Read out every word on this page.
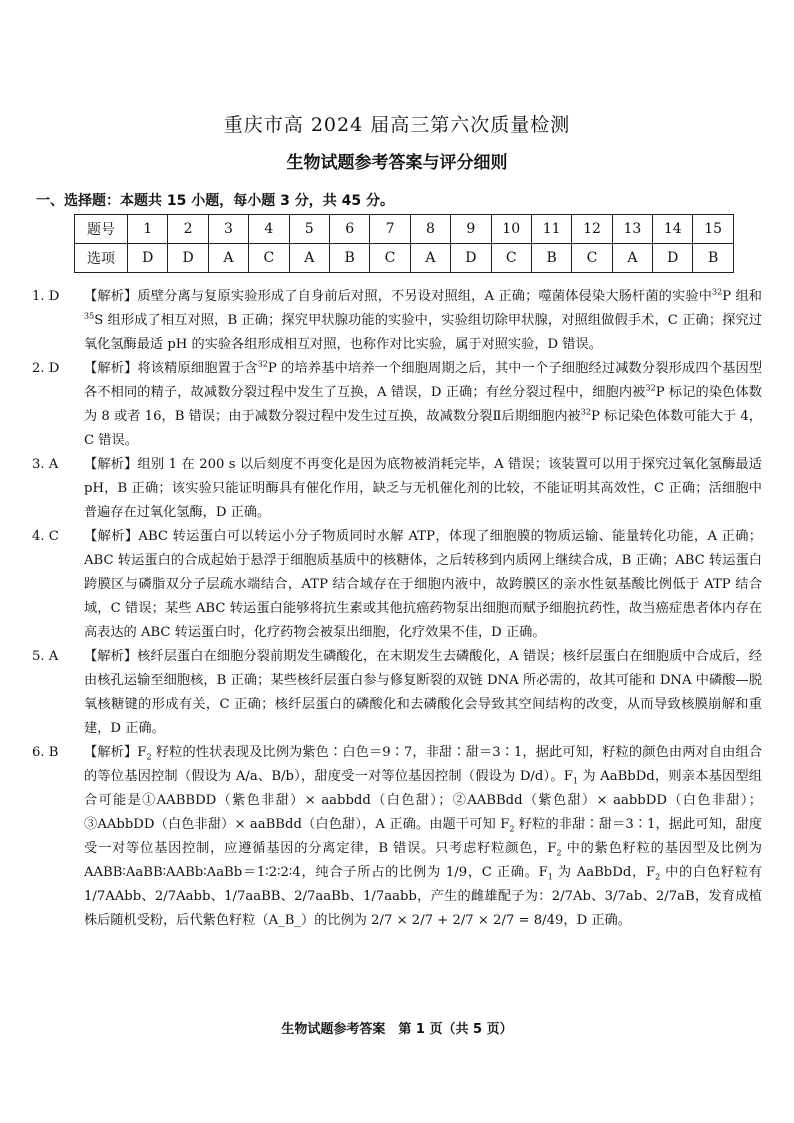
重庆市高 2024 届高三第六次质量检测
生物试题参考答案与评分细则
一、选择题：本题共 15 小题，每小题 3 分，共 45 分。
题号	1	2	3	4	5	6	7	8	9	10	11	12	13	14	15
选项	D	D	A	C	A	B	C	A	D	C	B	C	A	D	B
1. D	【解析】质壁分离与复原实验形成了自身前后对照，不另设对照组，A 正确；噬菌体侵染大肠杆菌的实验中$^{32}$P 组和$^{35}$S 组形成了相互对照，B 正确；探究甲状腺功能的实验中，实验组切除甲状腺，对照组做假手术，C 正确；探究过氧化氢酶最适 pH 的实验各组形成相互对照，也称作对比实验，属于对照实验，D 错误。
2. D	【解析】将该精原细胞置于含$^{32}$P 的培养基中培养一个细胞周期之后，其中一个子细胞经过减数分裂形成四个基因型各不相同的精子，故减数分裂过程中发生了互换，A 错误，D 正确；有丝分裂过程中，细胞内被$^{32}$P 标记的染色体数为 8 或者 16，B 错误；由于减数分裂过程中发生过互换，故减数分裂Ⅱ后期细胞内被$^{32}$P 标记染色体数可能大于 4，C 错误。
3. A	【解析】组别 1 在 200 s 以后刻度不再变化是因为底物被消耗完毕，A 错误；该装置可以用于探究过氧化氢酶最适 pH，B 正确；该实验只能证明酶具有催化作用，缺乏与无机催化剂的比较，不能证明其高效性，C 正确；活细胞中普遍存在过氧化氢酶，D 正确。
4. C	【解析】ABC 转运蛋白可以转运小分子物质同时水解 ATP，体现了细胞膜的物质运输、能量转化功能，A 正确；ABC 转运蛋白的合成起始于悬浮于细胞质基质中的核糖体，之后转移到内质网上继续合成，B 正确；ABC 转运蛋白跨膜区与磷脂双分子层疏水端结合，ATP 结合域存在于细胞内液中，故跨膜区的亲水性氨基酸比例低于 ATP 结合域，C 错误；某些 ABC 转运蛋白能够将抗生素或其他抗癌药物泵出细胞而赋予细胞抗药性，故当癌症患者体内存在高表达的 ABC 转运蛋白时，化疗药物会被泵出细胞，化疗效果不佳，D 正确。
5. A	【解析】核纤层蛋白在细胞分裂前期发生磷酸化，在末期发生去磷酸化，A 错误；核纤层蛋白在细胞质中合成后，经由核孔运输至细胞核，B 正确；某些核纤层蛋白参与修复断裂的双链 DNA 所必需的，故其可能和 DNA 中磷酸—脱氧核糖键的形成有关，C 正确；核纤层蛋白的磷酸化和去磷酸化会导致其空间结构的改变，从而导致核膜崩解和重建，D 正确。
6. B	【解析】$F_2$ 籽粒的性状表现及比例为紫色∶白色＝9∶7，非甜∶甜＝3∶1，据此可知，籽粒的颜色由两对自由组合的等位基因控制（假设为 A/a、B/b），甜度受一对等位基因控制（假设为 D/d）。$F_1$ 为 AaBbDd，则亲本基因型组合可能是①AABBDD（紫色非甜）× aabbdd（白色甜）；②AABBdd（紫色甜）× aabbDD（白色非甜）；③AAbbDD（白色非甜）× aaBBdd（白色甜），A 正确。由题干可知 $F_2$ 籽粒的非甜∶甜＝3∶1，据此可知，甜度受一对等位基因控制，应遵循基因的分离定律，B 错误。只考虑籽粒颜色，$F_2$ 中的紫色籽粒的基因型及比例为 AABB∶AaBB∶AABb∶AaBb＝1∶2∶2∶4，纯合子所占的比例为 1/9，C 正确。$F_1$ 为 AaBbDd，$F_2$ 中的白色籽粒有 1/7AAbb、2/7Aabb、1/7aaBB、2/7aaBb、1/7aabb，产生的雌雄配子为：2/7Ab、3/7ab、2/7aB，发育成植株后随机受粉，后代紫色籽粒（A_B_）的比例为 2/7 × 2/7 + 2/7 × 2/7 = 8/49，D 正确。
生物试题参考答案　第 1 页（共 5 页）
